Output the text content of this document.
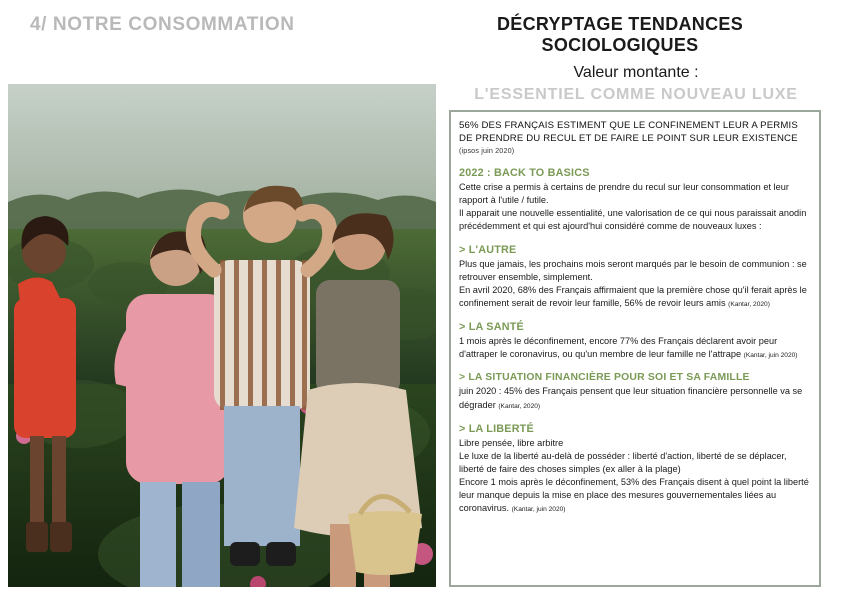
4/ NOTRE CONSOMMATION	DÉCRYPTAGE TENDANCES SOCIOLOGIQUES
Valeur montante :
L'ESSENTIEL COMME NOUVEAU LUXE
56% DES FRANÇAIS ESTIMENT QUE LE CONFINEMENT LEUR A PERMIS DE PRENDRE DU RECUL ET DE FAIRE LE POINT SUR LEUR EXISTENCE
(ipsos juin 2020)
2022 : BACK TO BASICS

Cette crise a permis à certains de prendre du recul sur leur consommation et leur rapport à l'utile / futile.

Il apparait une nouvelle essentialité, une valorisation de ce qui nous paraissait anodin précédemment et qui est ajourd'hui considéré comme de nouveaux luxes :

> L'AUTRE

Plus que jamais, les prochains mois seront marqués par le besoin de communion : se retrouver ensemble, simplement.

En avril 2020, 68% des Français affirmaient que la première chose qu'il ferait après le confinement serait de revoir leur famille, 56% de revoir leurs amis (Kantar, 2020)

> LA SANTÉ

1 mois après le déconfinement, encore 77% des Français déclarent avoir peur d'attraper le coronavirus, ou qu'un membre de leur famille ne l'attrape (Kantar, juin 2020)

> LA SITUATION FINANCIÈRE POUR SOI ET SA FAMILLE

juin 2020 : 45% des Français pensent que leur situation financière personnelle va se dégrader (Kantar, 2020)

> LA LIBERTÉ

Libre pensée, libre arbitre

Le luxe de la liberté au-delà de posséder : liberté d'action, liberté de se déplacer, liberté de faire des choses simples (ex aller à la plage)

Encore 1 mois après le déconfinement, 53% des Français disent à quel point la liberté leur manque depuis la mise en place des mesures gouvernementales liées au coronavirus. (Kantar, juin 2020)
